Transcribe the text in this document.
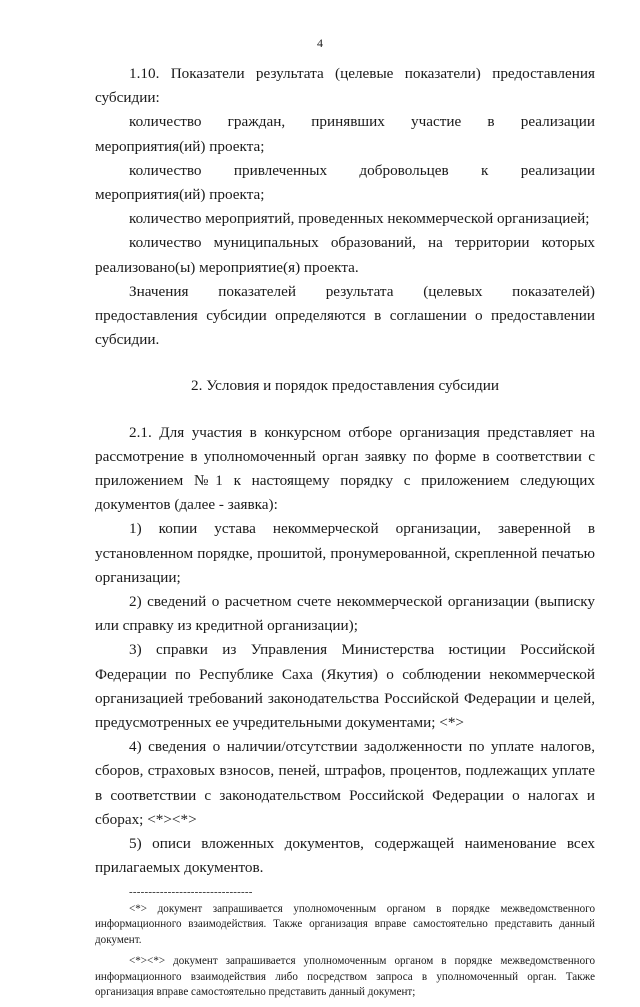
4

1.10. Показатели результата (целевые показатели) предоставления субсидии:

количество граждан, принявших участие в реализации мероприятия(ий) проекта;

количество привлеченных добровольцев к реализации мероприятия(ий) проекта;

количество мероприятий, проведенных некоммерческой организацией;

количество муниципальных образований, на территории которых реализовано(ы) мероприятие(я) проекта.

Значения показателей результата (целевых показателей) предоставления субсидии определяются в соглашении о предоставлении субсидии.

2. Условия и порядок предоставления субсидии

2.1. Для участия в конкурсном отборе организация представляет на рассмотрение в уполномоченный орган заявку по форме в соответствии с приложением №1 к настоящему порядку с приложением следующих документов (далее - заявка):

1) копии устава некоммерческой организации, заверенной в установленном порядке, прошитой, пронумерованной, скрепленной печатью организации;

2) сведений о расчетном счете некоммерческой организации (выписку или справку из кредитной организации);

3) справки из Управления Министерства юстиции Российской Федерации по Республике Саха (Якутия) о соблюдении некоммерческой организацией требований законодательства Российской Федерации и целей, предусмотренных ее учредительными документами; <*>

4) сведения о наличии/отсутствии задолженности по уплате налогов, сборов, страховых взносов, пеней, штрафов, процентов, подлежащих уплате в соответствии с законодательством Российской Федерации о налогах и сборах; <*><*>

5) описи вложенных документов, содержащей наименование всех прилагаемых документов.

--------------------------------

<*> документ запрашивается уполномоченным органом в порядке межведомственного информационного взаимодействия. Также организация вправе самостоятельно представить данный документ.

<*><*> документ запрашивается уполномоченным органом в порядке межведомственного информационного взаимодействия либо посредством запроса в уполномоченный орган. Также организация вправе самостоятельно представить данный документ;
